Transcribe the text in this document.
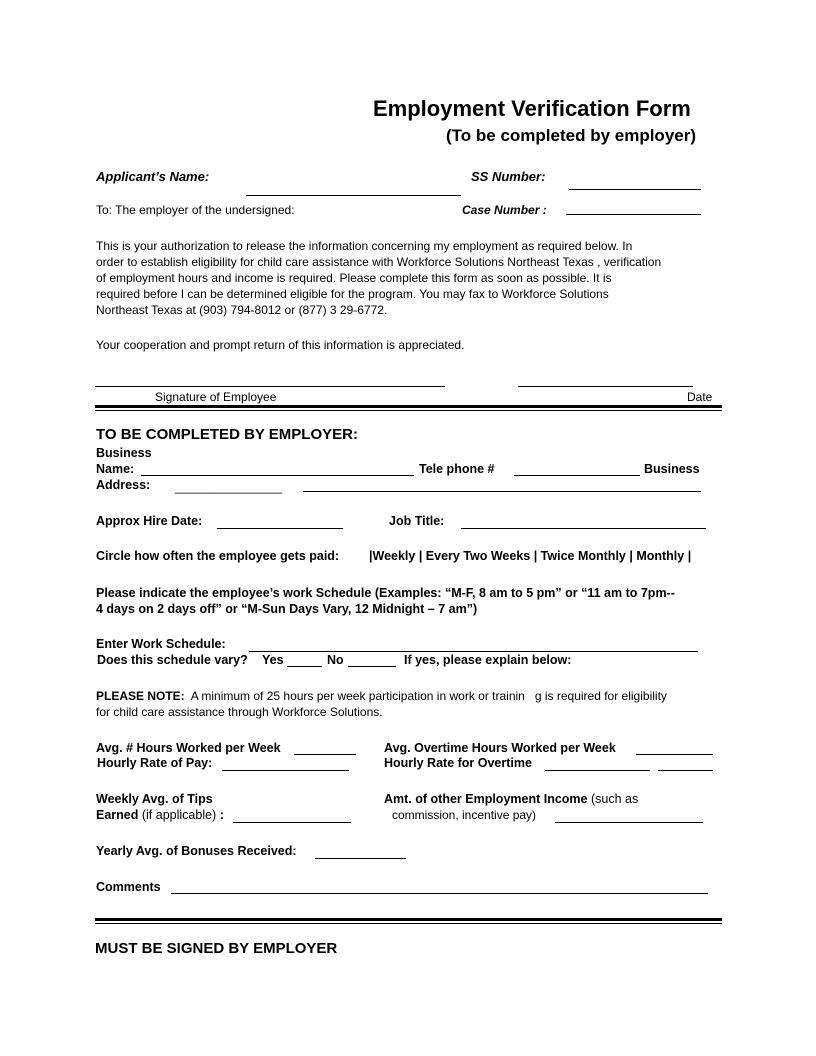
Employment Verification Form
(To be completed by employer)
Applicant’s Name:	SS Number:
To: The employer of the undersigned:	Case Number :
This is your authorization to release the information concerning my employment as required below. In
order to establish eligibility for child care assistance with Workforce Solutions Northeast Texas , verification
of employment hours and income is required. Please complete this form as soon as possible. It is
required before I can be determined eligible for the program. You may fax to Workforce Solutions
Northeast Texas at (903) 794-8012 or (877) 3 29-6772.
Your cooperation and prompt return of this information is appreciated.
Signature of Employee	Date
TO BE COMPLETED BY EMPLOYER:
Business
Name:	Tele phone #	Business
Address: ________________
Approx Hire Date:	Job Title:
Circle how often the employee gets paid: |Weekly | Every Two Weeks | Twice Monthly | Monthly |
Please indicate the employee’s work Schedule (Examples: “M-F, 8 am to 5 pm” or “11 am to 7pm--
4 days on 2 days off” or “M-Sun Days Vary, 12 Midnight – 7 am”)
Enter Work Schedule:
Does this schedule vary? Yes	No	If yes, please explain below:
PLEASE NOTE:  A minimum of 25 hours per week participation in work or trainin   g is required for eligibility
for child care assistance through Workforce Solutions.
Avg. # Hours Worked per Week	Avg. Overtime Hours Worked per Week
Hourly Rate of Pay:	Hourly Rate for Overtime
Weekly Avg. of Tips	Amt. of other Employment Income (such as
Earned (if applicable) :	commission, incentive pay)
Yearly Avg. of Bonuses Received:
Comments
MUST BE SIGNED BY EMPLOYER
